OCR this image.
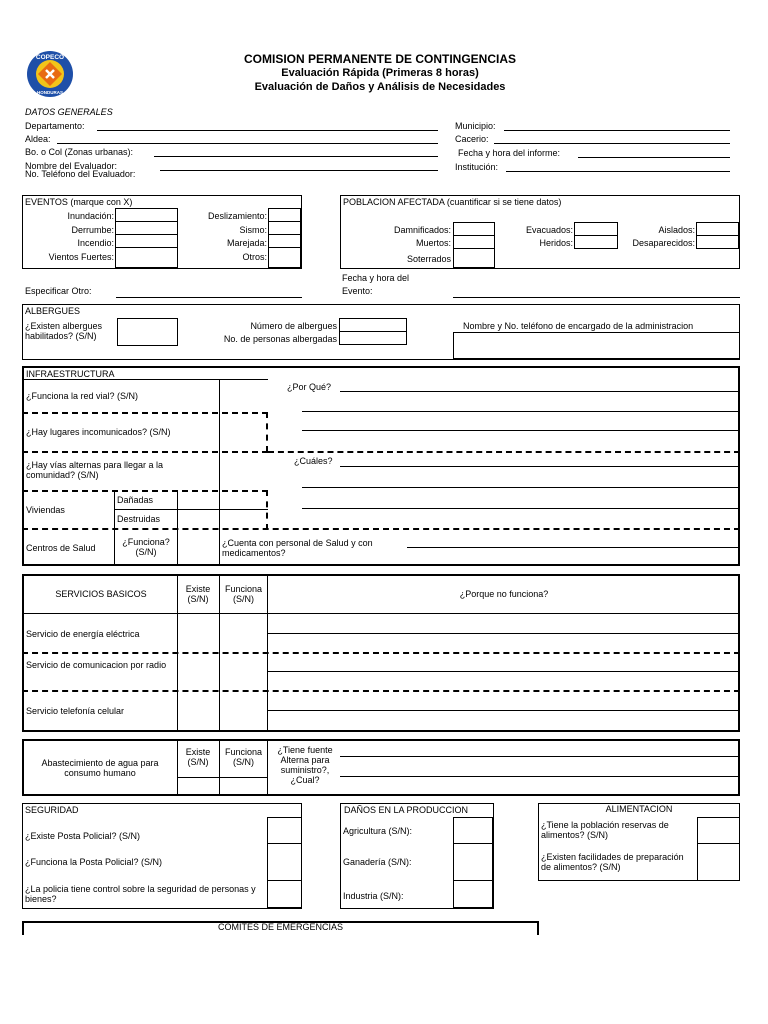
COPECO
HONDURAS
COMISION PERMANENTE DE CONTINGENCIAS
Evaluación Rápida (Primeras 8 horas)
Evaluación de Daños y Análisis de Necesidades
DATOS GENERALES
Departamento:
Aldea:
Bo. o Col (Zonas urbanas):
Nombre del Evaluador:
No. Teléfono del Evaluador:
Municipio:
Cacerio:
Fecha y hora del informe:
Institución:
EVENTOS (marque con X)
Inundación:
Derrumbe:
Incendio:
Vientos Fuertes:
Deslizamiento:
Sismo:
Marejada:
Otros:
Especificar Otro:
POBLACION AFECTADA (cuantificar si se tiene datos)
Damnificados:
Muertos:
Soterrados
Evacuados:
Heridos:
Aislados:
Desaparecidos:
Fecha y hora del
Evento:
ALBERGUES
¿Existen albergues habilitados? (S/N)
Número de albergues
No. de personas albergadas
Nombre y No. teléfono de encargado de la administracion
INFRAESTRUCTURA
¿Funciona la red vial? (S/N)
¿Hay lugares incomunicados? (S/N)
¿Hay vías alternas para llegar a la comunidad? (S/N)
Viviendas
Dañadas
Destruidas
Centros de Salud
¿Funciona? (S/N)
¿Cuenta con personal de Salud y con medicamentos?
¿Por Qué?
¿Cuáles?
SERVICIOS BASICOS	Existe (S/N)
Funciona (S/N)	¿Porque no funciona?
Servicio de energía eléctrica
Servicio de comunicacion por radio
Servicio telefonía celular
Abastecimiento de agua para consumo humano
Existe (S/N)
Funciona (S/N)
¿Tiene fuente Alterna para suministro?, ¿Cual?
SEGURIDAD
¿Existe Posta Policial? (S/N)
¿Funciona la Posta Policial? (S/N)
¿La policia tiene control sobre la seguridad de personas y bienes?
DAÑOS EN LA PRODUCCION
Agricultura (S/N):
Ganadería (S/N):
Industria (S/N):
ALIMENTACION
¿Tiene la población reservas de alimentos? (S/N)
¿Existen facilidades de preparación de alimentos? (S/N)
COMITES DE EMERGENCIAS
